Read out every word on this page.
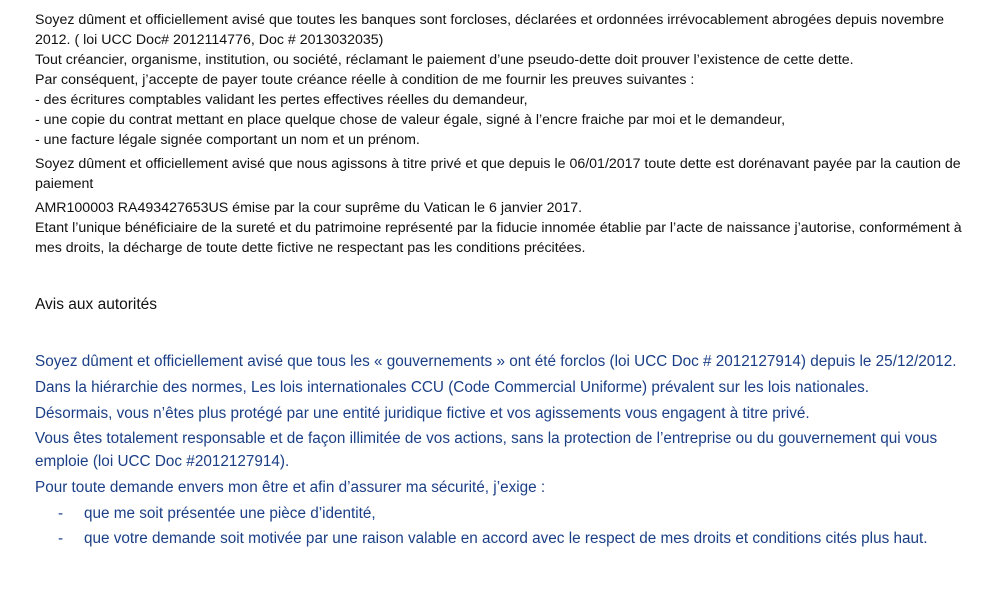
Soyez dûment et officiellement avisé que toutes les banques sont forcloses, déclarées et ordonnées irrévocablement abrogées depuis novembre 2012. ( loi UCC Doc# 2012114776, Doc # 2013032035)

Tout créancier, organisme, institution, ou société, réclamant le paiement d’une pseudo-dette doit prouver l’existence de cette dette.

Par conséquent, j’accepte de payer toute créance réelle à condition de me fournir les preuves suivantes :

- des écritures comptables validant les pertes effectives réelles du demandeur,

- une copie du contrat mettant en place quelque chose de valeur égale, signé à l’encre fraiche par moi et le demandeur,

- une facture légale signée comportant un nom et un prénom.

Soyez dûment et officiellement avisé que nous agissons à titre privé et que depuis le 06/01/2017 toute dette est dorénavant payée par la caution de paiement

AMR100003 RA493427653US émise par la cour suprême du Vatican le 6 janvier 2017.

Etant l’unique bénéficiaire de la sureté et du patrimoine représenté par la fiducie innomée établie par l’acte de naissance j’autorise, conformément à mes droits, la décharge de toute dette fictive ne respectant pas les conditions précitées.

Avis aux autorités

Soyez dûment et officiellement avisé que tous les « gouvernements » ont été forclos (loi UCC Doc # 2012127914) depuis le 25/12/2012.

Dans la hiérarchie des normes, Les lois internationales CCU (Code Commercial Uniforme) prévalent sur les lois nationales.

Désormais, vous n’êtes plus protégé par une entité juridique fictive et vos agissements vous engagent à titre privé.

Vous êtes totalement responsable et de façon illimitée de vos actions, sans la protection de l’entreprise ou du gouvernement qui vous emploie (loi UCC Doc #2012127914).

Pour toute demande envers mon être et afin d’assurer ma sécurité, j’exige :

- que me soit présentée une pièce d’identité,
- que votre demande soit motivée par une raison valable en accord avec le respect de mes droits et conditions cités plus haut.
